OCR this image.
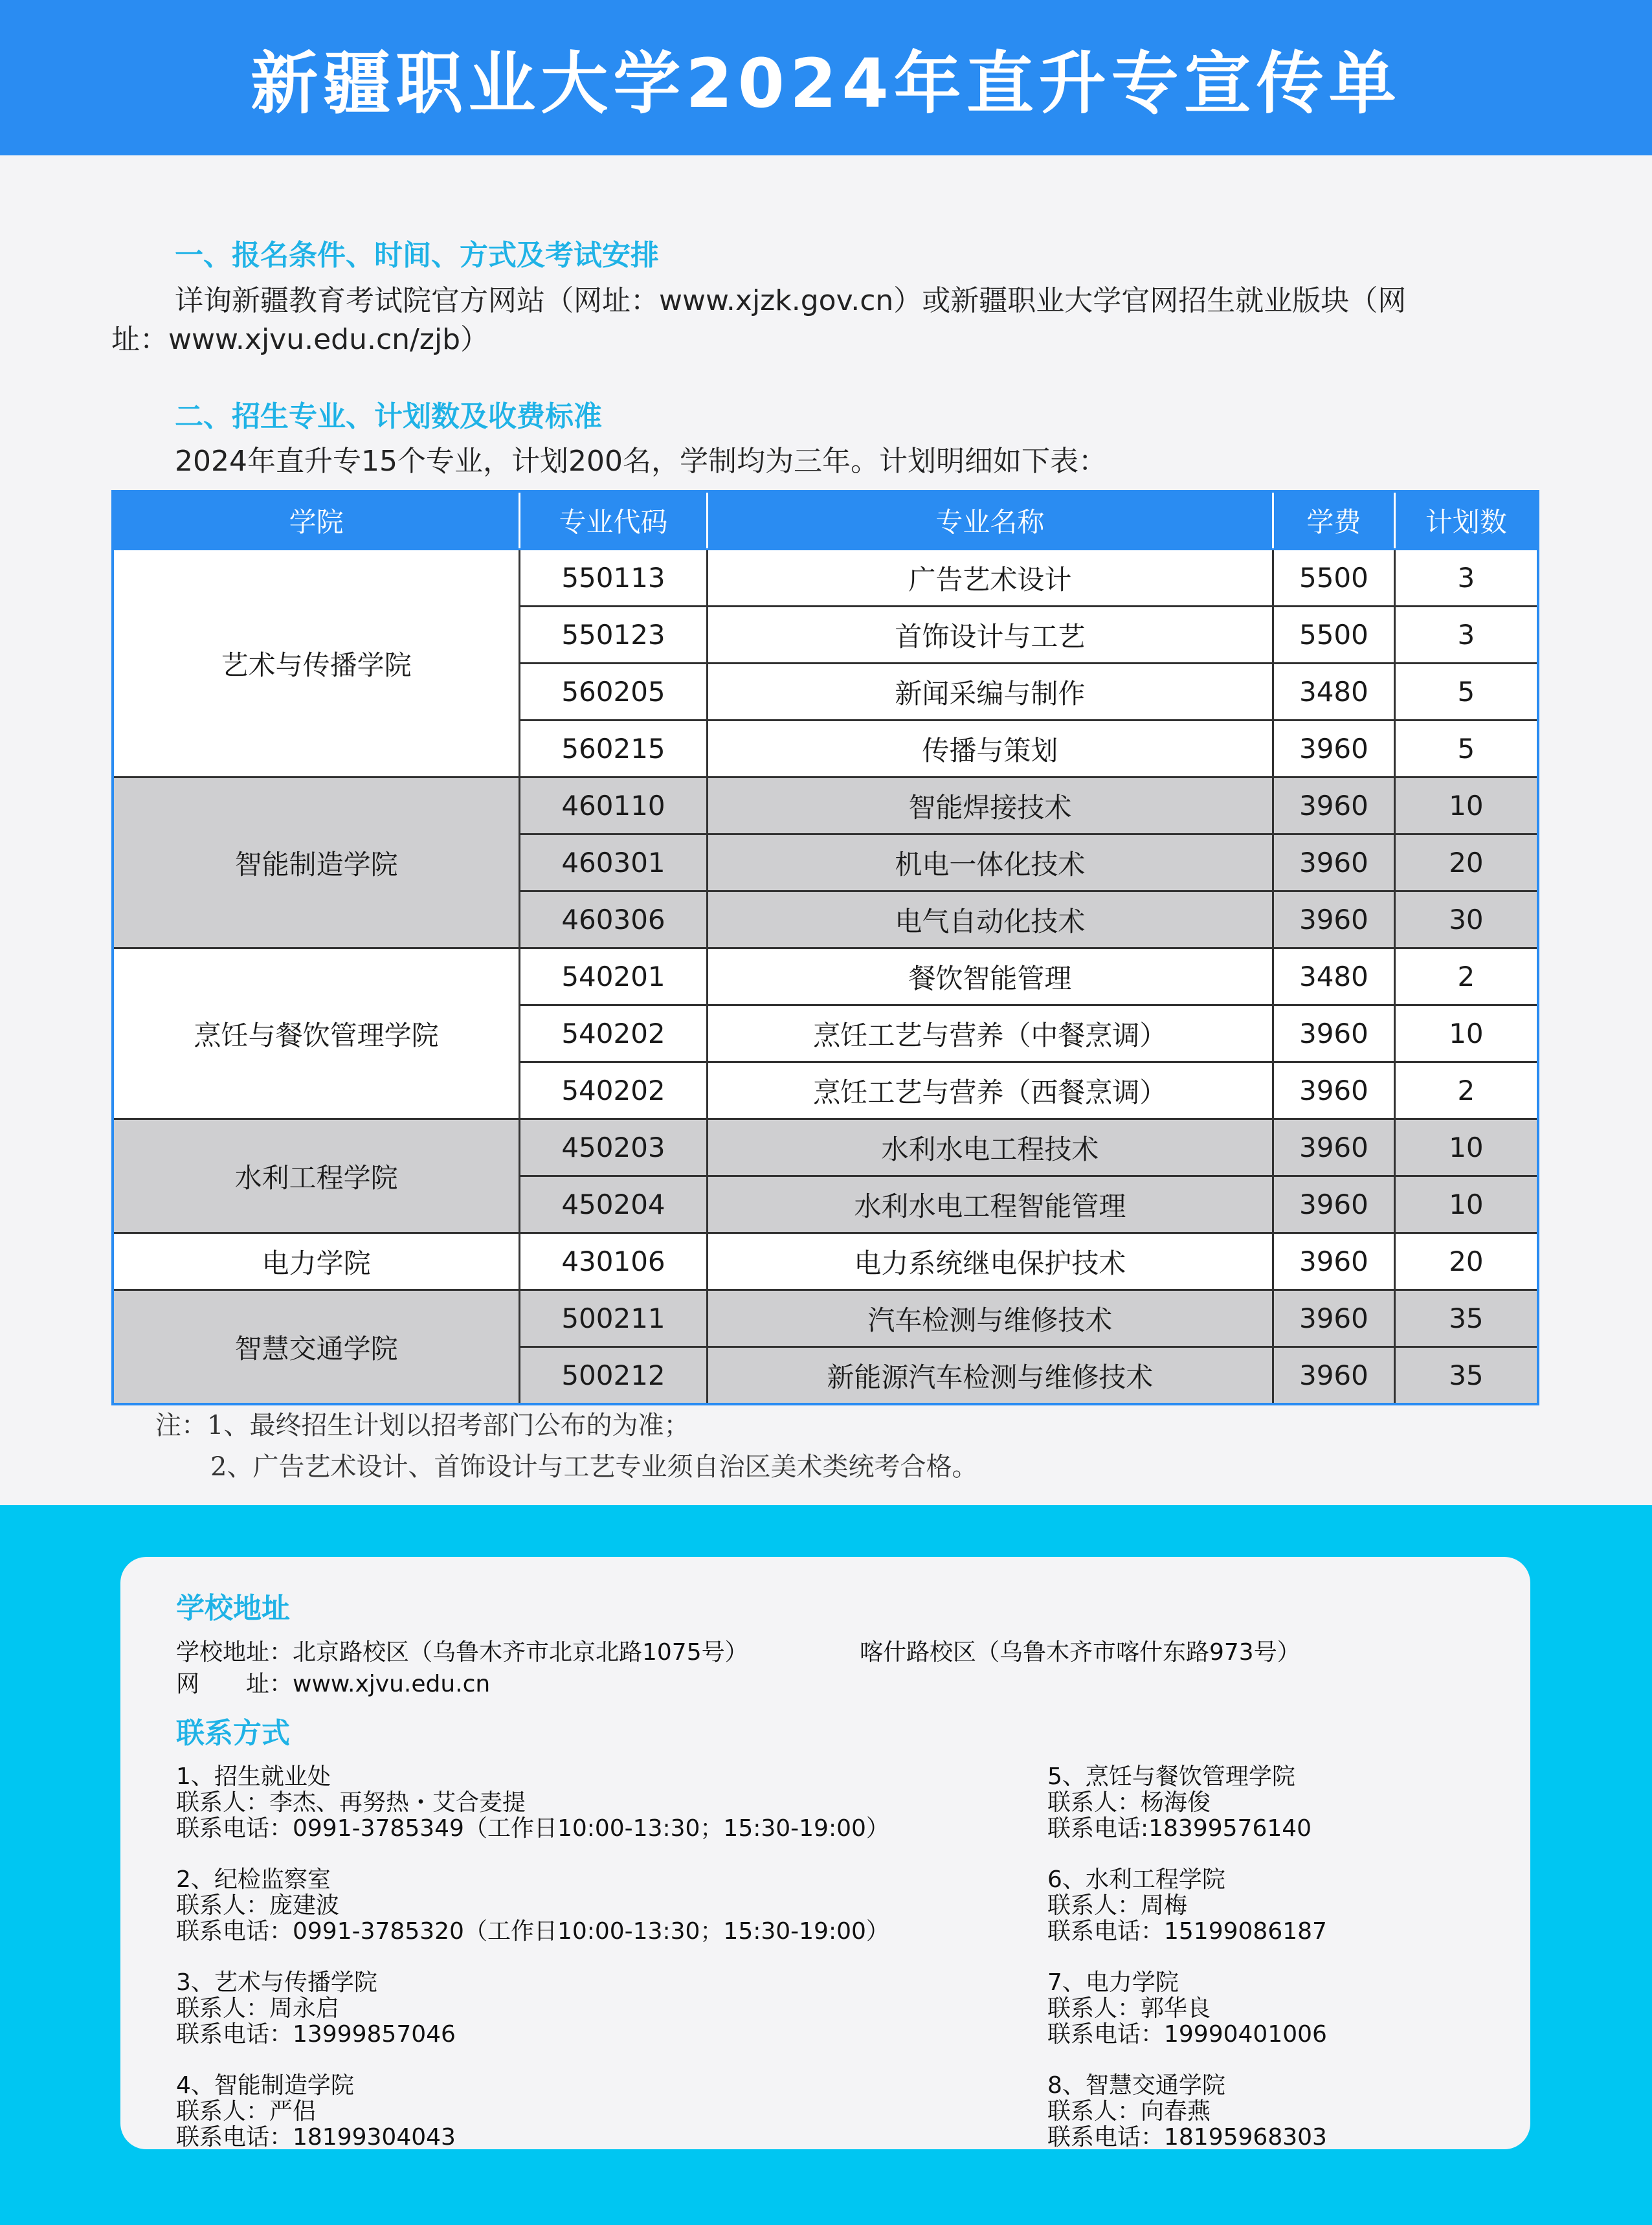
新疆职业大学2024年直升专宣传单
一、报名条件、时间、方式及考试安排
详询新疆教育考试院官方网站（网址：www.xjzk.gov.cn）或新疆职业大学官网招生就业版块（网
址：www.xjvu.edu.cn/zjb）
二、招生专业、计划数及收费标准
2024年直升专15个专业，计划200名，学制均为三年。计划明细如下表：
学院	专业代码	专业名称	学费	计划数
艺术与传播学院	550113	广告艺术设计	5500	3
	550123	首饰设计与工艺	5500	3
	560205	新闻采编与制作	3480	5
	560215	传播与策划	3960	5
智能制造学院	460110	智能焊接技术	3960	10
	460301	机电一体化技术	3960	20
	460306	电气自动化技术	3960	30
烹饪与餐饮管理学院	540201	餐饮智能管理	3480	2
	540202	烹饪工艺与营养（中餐烹调）	3960	10
	540202	烹饪工艺与营养（西餐烹调）	3960	2
水利工程学院	450203	水利水电工程技术	3960	10
	450204	水利水电工程智能管理	3960	10
电力学院	430106	电力系统继电保护技术	3960	20
智慧交通学院	500211	汽车检测与维修技术	3960	35
	500212	新能源汽车检测与维修技术	3960	35
注：1、最终招生计划以招考部门公布的为准；
2、广告艺术设计、首饰设计与工艺专业须自治区美术类统考合格。
学校地址
学校地址：北京路校区（乌鲁木齐市北京北路1075号）	喀什路校区（乌鲁木齐市喀什东路973号）
网　　址：www.xjvu.edu.cn
联系方式
1、招生就业处
联系人：李杰、再努热・艾合麦提
联系电话：0991-3785349（工作日10:00-13:30；15:30-19:00）
2、纪检监察室
联系人：庞建波
联系电话：0991-3785320（工作日10:00-13:30；15:30-19:00）
3、艺术与传播学院
联系人：周永启
联系电话：13999857046
4、智能制造学院
联系人：严侣
联系电话：18199304043
5、烹饪与餐饮管理学院
联系人：杨海俊
联系电话:18399576140
6、水利工程学院
联系人：周梅
联系电话：15199086187
7、电力学院
联系人：郭华良
联系电话：19990401006
8、智慧交通学院
联系人：向春燕
联系电话：18195968303
